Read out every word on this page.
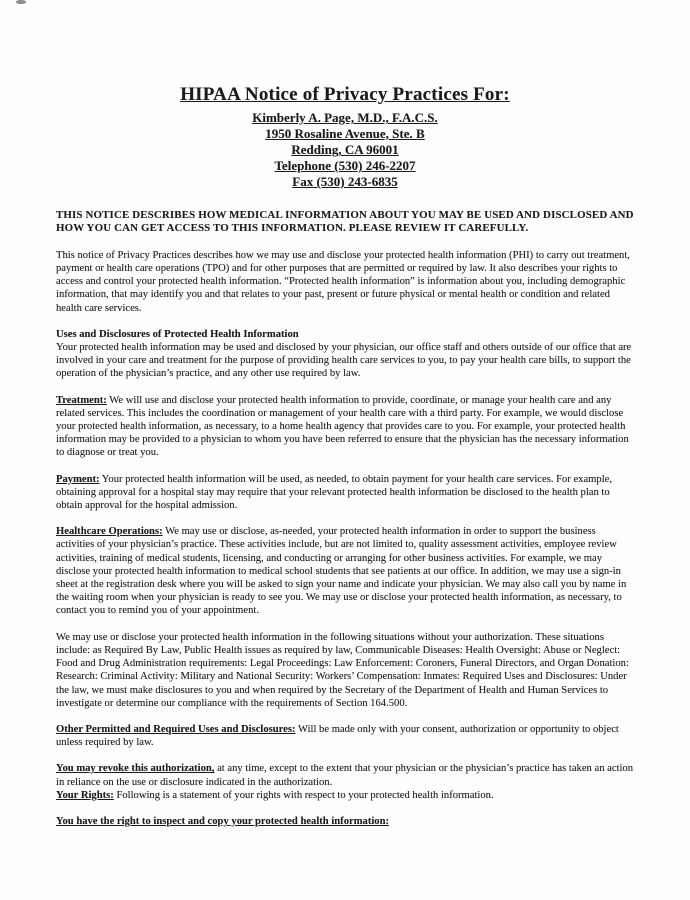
HIPAA Notice of Privacy Practices For:
Kimberly A. Page, M.D., F.A.C.S.
1950 Rosaline Avenue, Ste. B
Redding, CA 96001
Telephone (530) 246-2207
Fax (530) 243-6835

THIS NOTICE DESCRIBES HOW MEDICAL INFORMATION ABOUT YOU MAY BE USED AND DISCLOSED AND HOW YOU CAN GET ACCESS TO THIS INFORMATION. PLEASE REVIEW IT CAREFULLY.

This notice of Privacy Practices describes how we may use and disclose your protected health information (PHI) to carry out treatment, payment or health care operations (TPO) and for other purposes that are permitted or required by law. It also describes your rights to access and control your protected health information. “Protected health information” is information about you, including demographic information, that may identify you and that relates to your past, present or future physical or mental health or condition and related health care services.

Uses and Disclosures of Protected Health Information
Your protected health information may be used and disclosed by your physician, our office staff and others outside of our office that are involved in your care and treatment for the purpose of providing health care services to you, to pay your health care bills, to support the operation of the physician’s practice, and any other use required by law.

Treatment: We will use and disclose your protected health information to provide, coordinate, or manage your health care and any related services. This includes the coordination or management of your health care with a third party. For example, we would disclose your protected health information, as necessary, to a home health agency that provides care to you. For example, your protected health information may be provided to a physician to whom you have been referred to ensure that the physician has the necessary information to diagnose or treat you.

Payment: Your protected health information will be used, as needed, to obtain payment for your health care services. For example, obtaining approval for a hospital stay may require that your relevant protected health information be disclosed to the health plan to obtain approval for the hospital admission.

Healthcare Operations: We may use or disclose, as-needed, your protected health information in order to support the business activities of your physician’s practice. These activities include, but are not limited to, quality assessment activities, employee review activities, training of medical students, licensing, and conducting or arranging for other business activities. For example, we may disclose your protected health information to medical school students that see patients at our office. In addition, we may use a sign-in sheet at the registration desk where you will be asked to sign your name and indicate your physician. We may also call you by name in the waiting room when your physician is ready to see you. We may use or disclose your protected health information, as necessary, to contact you to remind you of your appointment.

We may use or disclose your protected health information in the following situations without your authorization. These situations include: as Required By Law, Public Health issues as required by law, Communicable Diseases: Health Oversight: Abuse or Neglect: Food and Drug Administration requirements: Legal Proceedings: Law Enforcement: Coroners, Funeral Directors, and Organ Donation: Research: Criminal Activity: Military and National Security: Workers’ Compensation: Inmates: Required Uses and Disclosures: Under the law, we must make disclosures to you and when required by the Secretary of the Department of Health and Human Services to investigate or determine our compliance with the requirements of Section 164.500.

Other Permitted and Required Uses and Disclosures: Will be made only with your consent, authorization or opportunity to object unless required by law.

You may revoke this authorization, at any time, except to the extent that your physician or the physician’s practice has taken an action in reliance on the use or disclosure indicated in the authorization.

Your Rights: Following is a statement of your rights with respect to your protected health information.

You have the right to inspect and copy your protected health information:
